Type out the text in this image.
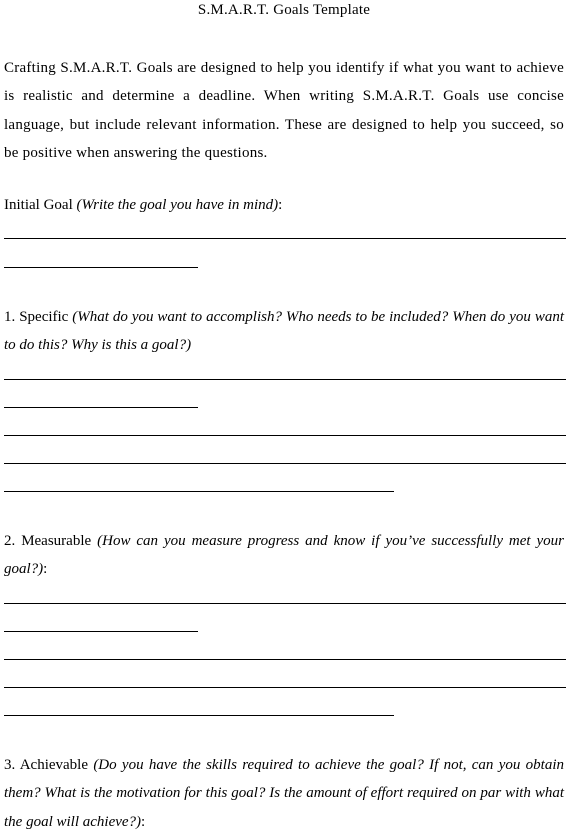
S.M.A.R.T. Goals Template

Crafting S.M.A.R.T. Goals are designed to help you identify if what you want to achieve is realistic and determine a deadline. When writing S.M.A.R.T. Goals use concise language, but include relevant information. These are designed to help you succeed, so be positive when answering the questions.

Initial Goal (Write the goal you have in mind):

1. Specific (What do you want to accomplish? Who needs to be included? When do you want to do this? Why is this a goal?)

2. Measurable (How can you measure progress and know if you’ve successfully met your goal?):

3. Achievable (Do you have the skills required to achieve the goal? If not, can you obtain them? What is the motivation for this goal? Is the amount of effort required on par with what the goal will achieve?):
